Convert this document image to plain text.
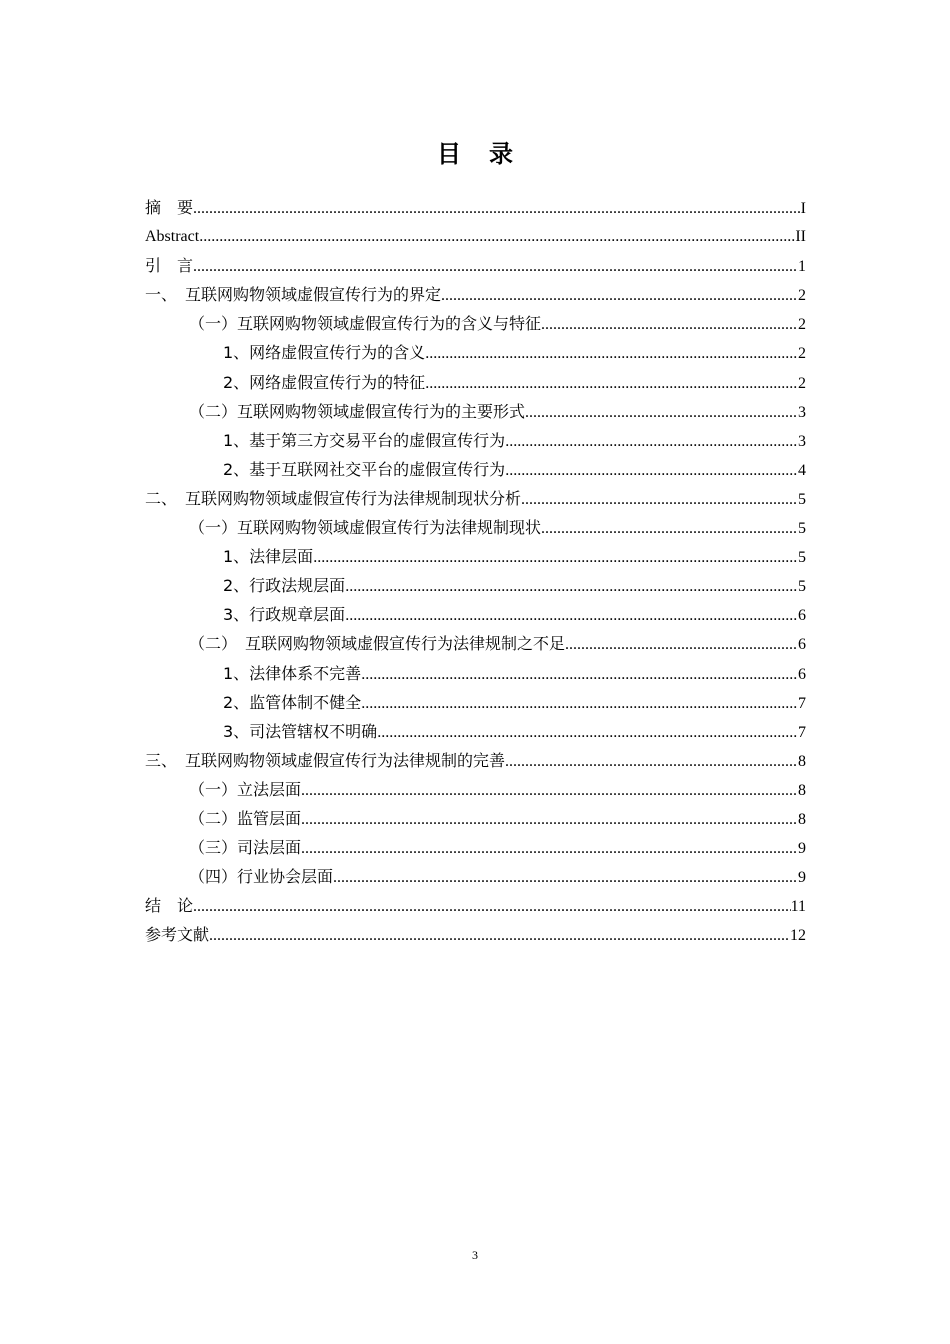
目录
摘　要 .....	I
Abstract .....	II
引　言 .....	1
一、　互联网购物领域虚假宣传行为的界定 .....	2
（一）互联网购物领域虚假宣传行为的含义与特征 .....	2
1、网络虚假宣传行为的含义 .....	2
2、网络虚假宣传行为的特征 .....	2
（二）互联网购物领域虚假宣传行为的主要形式 .....	3
1、基于第三方交易平台的虚假宣传行为 .....	3
2、基于互联网社交平台的虚假宣传行为 .....	4
二、　互联网购物领域虚假宣传行为法律规制现状分析 .....	5
（一）互联网购物领域虚假宣传行为法律规制现状 .....	5
1、法律层面 .....	5
2、行政法规层面 .....	5
3、行政规章层面 .....	6
（二）　互联网购物领域虚假宣传行为法律规制之不足 .....	6
1、法律体系不完善 .....	6
2、监管体制不健全 .....	7
3、司法管辖权不明确 .....	7
三、　互联网购物领域虚假宣传行为法律规制的完善 .....	8
（一）立法层面 .....	8
（二）监管层面 .....	8
（三）司法层面 .....	9
（四）行业协会层面 .....	9
结　论 .....	11
参考文献 .....	12
3
